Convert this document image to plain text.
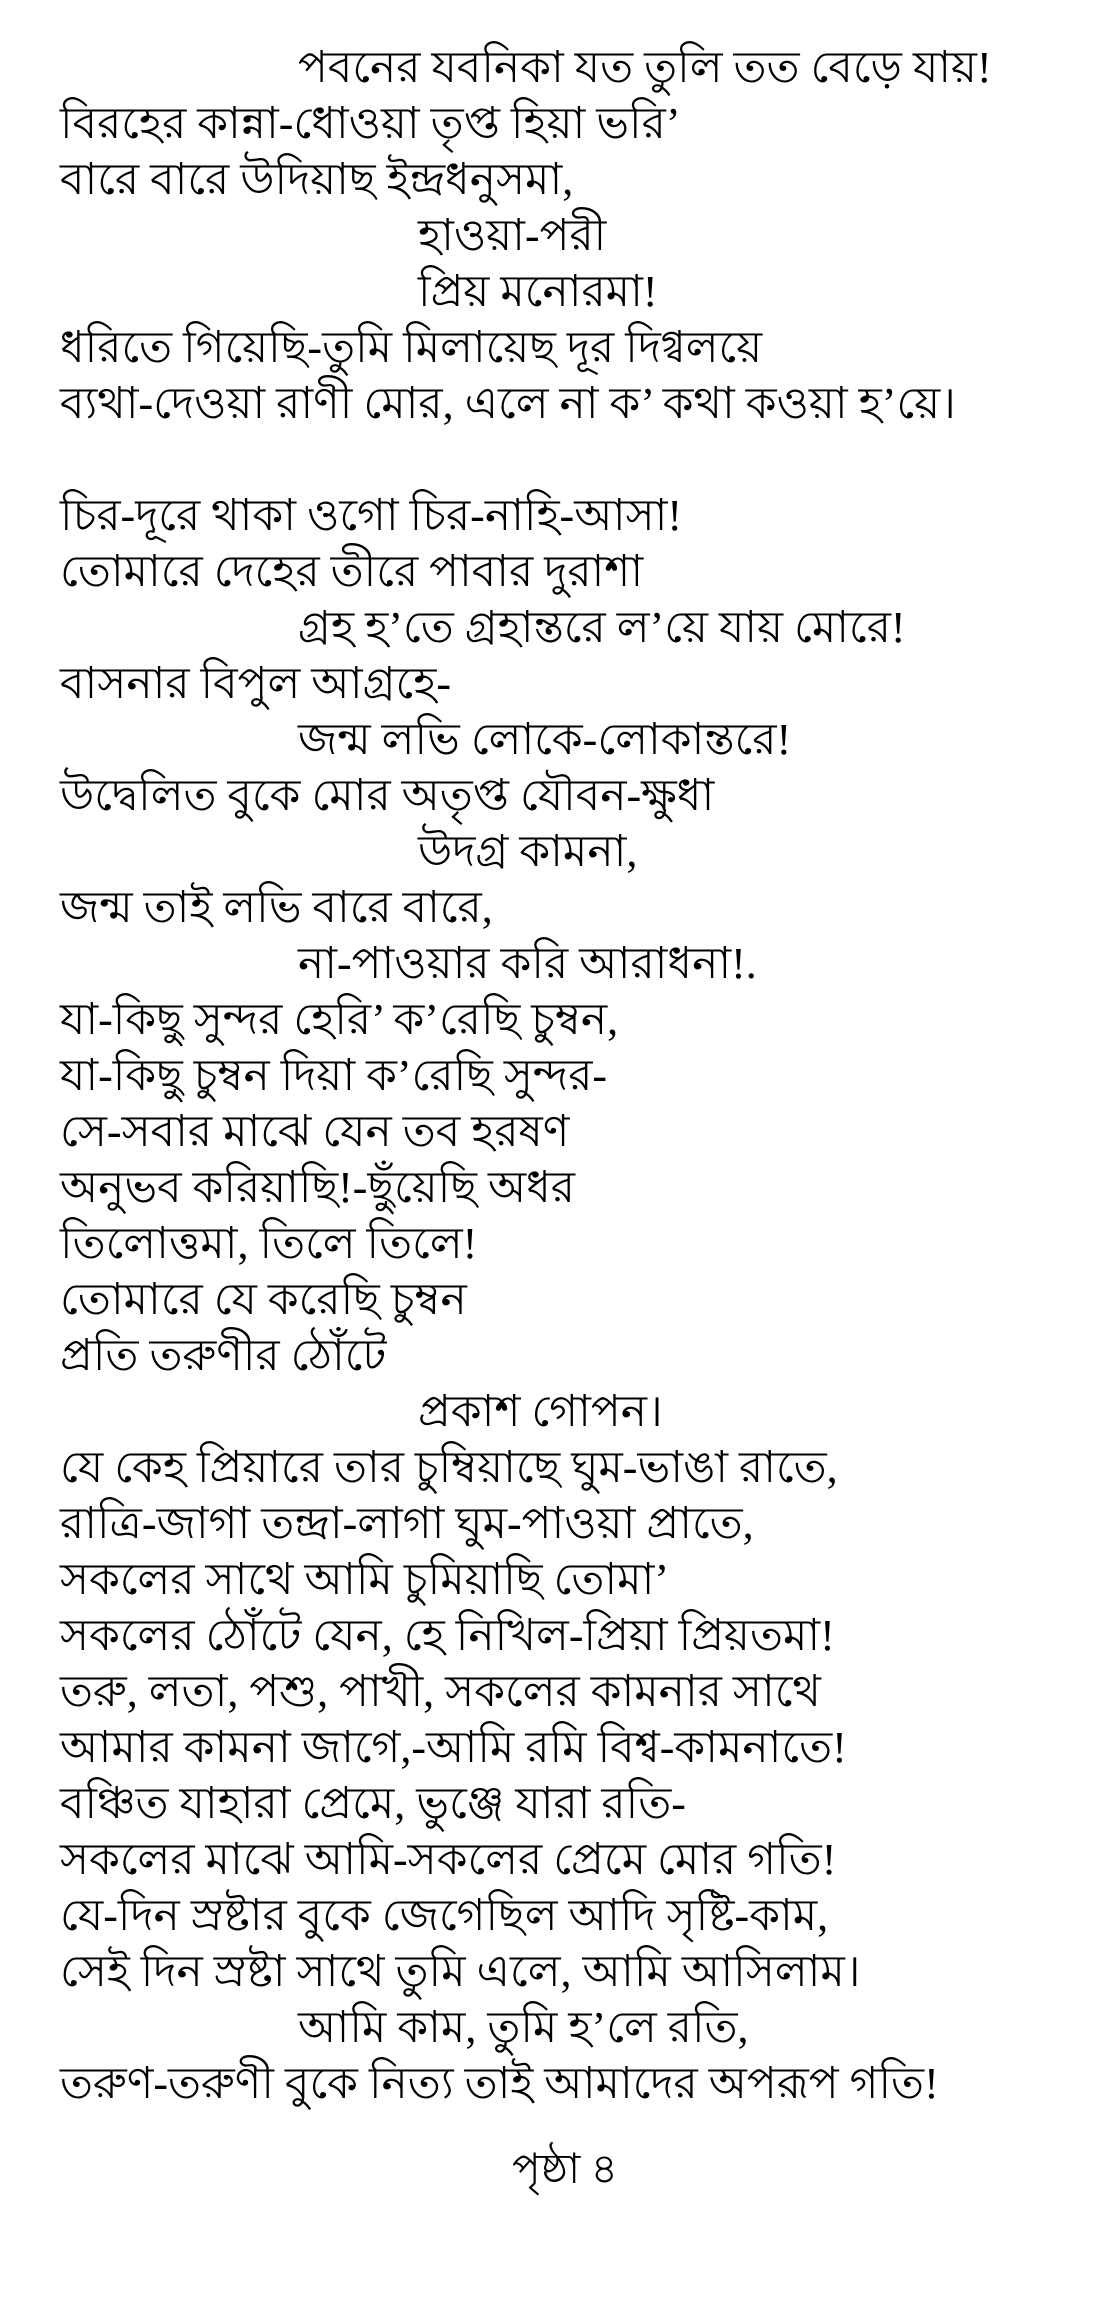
পবনের যবনিকা যত তুলি তত বেড়ে যায়!
বিরহের কান্না-ধোওয়া তৃপ্ত হিয়া ভরি’
বারে বারে উদিয়াছ ইন্দ্রধনুসমা,
হাওয়া-পরী
প্রিয় মনোরমা!
ধরিতে গিয়েছি-তুমি মিলায়েছ দূর দিগ্বলয়ে
ব্যথা-দেওয়া রাণী মোর, এলে না ক’ কথা কওয়া হ’য়ে।
চির-দূরে থাকা ওগো চির-নাহি-আসা!
তোমারে দেহের তীরে পাবার দুরাশা
গ্রহ হ’তে গ্রহান্তরে ল’য়ে যায় মোরে!
বাসনার বিপুল আগ্রহে-
জন্ম লভি লোকে-লোকান্তরে!
উদ্বেলিত বুকে মোর অতৃপ্ত যৌবন-ক্ষুধা
উদগ্র কামনা,
জন্ম তাই লভি বারে বারে,
না-পাওয়ার করি আরাধনা!.
যা-কিছু সুন্দর হেরি’ ক’রেছি চুম্বন,
যা-কিছু চুম্বন দিয়া ক’রেছি সুন্দর-
সে-সবার মাঝে যেন তব হরষণ
অনুভব করিয়াছি!-ছুঁয়েছি অধর
তিলোত্তমা, তিলে তিলে!
তোমারে যে করেছি চুম্বন
প্রতি তরুণীর ঠোঁটে
প্রকাশ গোপন।
যে কেহ প্রিয়ারে তার চুম্বিয়াছে ঘুম-ভাঙা রাতে,
রাত্রি-জাগা তন্দ্রা-লাগা ঘুম-পাওয়া প্রাতে,
সকলের সাথে আমি চুমিয়াছি তোমা’
সকলের ঠোঁটে যেন, হে নিখিল-প্রিয়া প্রিয়তমা!
তরু, লতা, পশু, পাখী, সকলের কামনার সাথে
আমার কামনা জাগে,-আমি রমি বিশ্ব-কামনাতে!
বঞ্চিত যাহারা প্রেমে, ভুঞ্জে যারা রতি-
সকলের মাঝে আমি-সকলের প্রেমে মোর গতি!
যে-দিন স্রষ্টার বুকে জেগেছিল আদি সৃষ্টি-কাম,
সেই দিন স্রষ্টা সাথে তুমি এলে, আমি আসিলাম।
আমি কাম, তুমি হ’লে রতি,
তরুণ-তরুণী বুকে নিত্য তাই আমাদের অপরূপ গতি!
পৃষ্ঠা ৪
